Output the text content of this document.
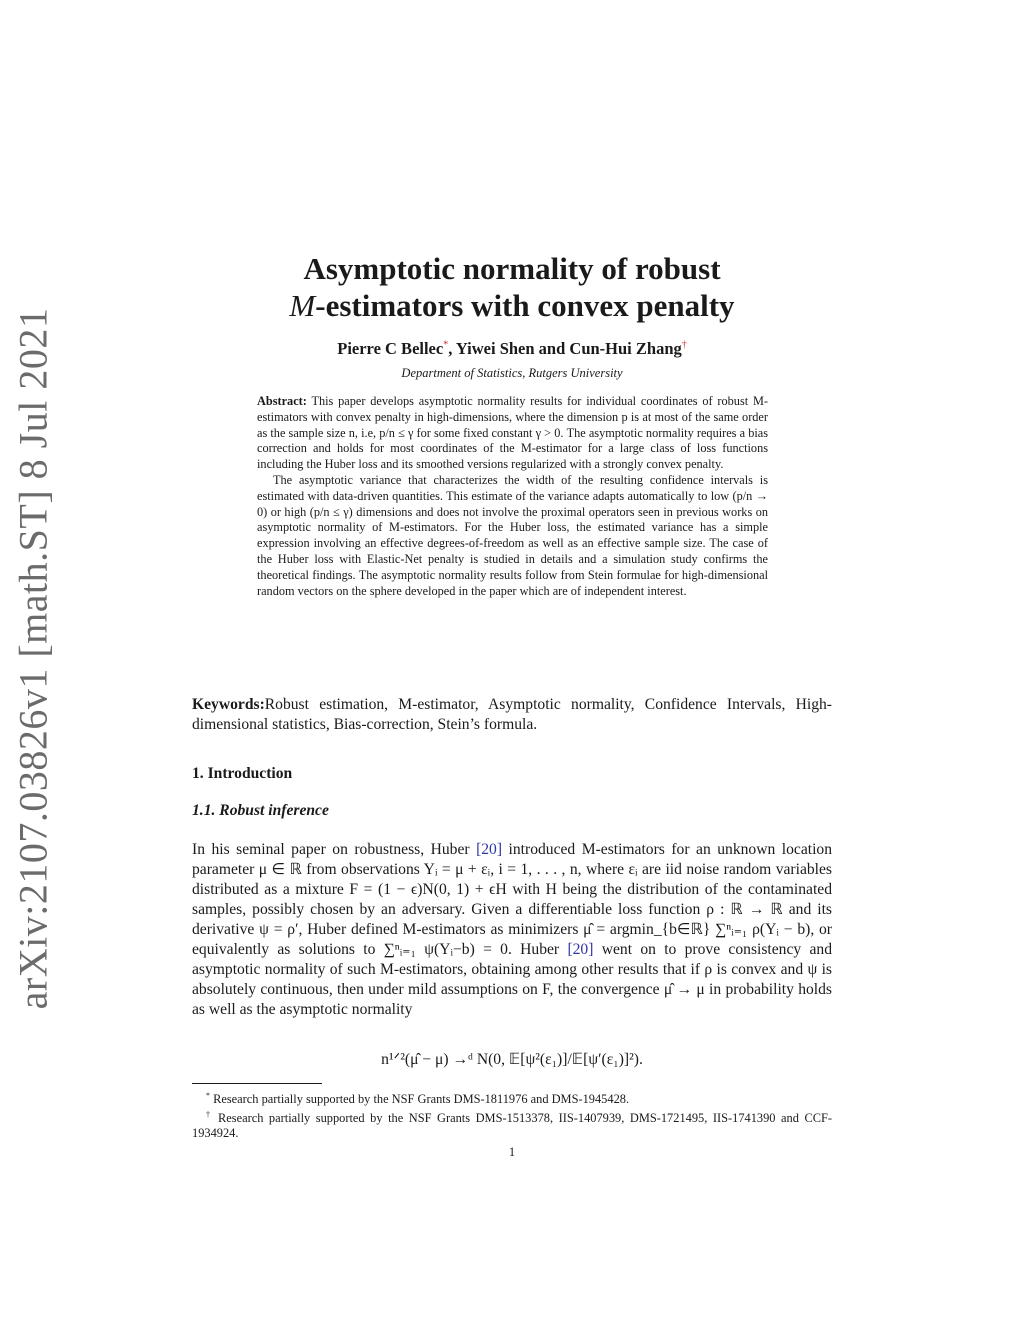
arXiv:2107.03826v1 [math.ST] 8 Jul 2021
Asymptotic normality of robust
M-estimators with convex penalty
Pierre C Bellec*, Yiwei Shen and Cun-Hui Zhang†
Department of Statistics, Rutgers University

Abstract: This paper develops asymptotic normality results for individual coordinates of robust M-estimators with convex penalty in high-dimensions, where the dimension p is at most of the same order as the sample size n, i.e, p/n ≤ γ for some fixed constant γ > 0. The asymptotic normality requires a bias correction and holds for most coordinates of the M-estimator for a large class of loss functions including the Huber loss and its smoothed versions regularized with a strongly convex penalty.

The asymptotic variance that characterizes the width of the resulting confidence intervals is estimated with data-driven quantities. This estimate of the variance adapts automatically to low (p/n → 0) or high (p/n ≤ γ) dimensions and does not involve the proximal operators seen in previous works on asymptotic normality of M-estimators. For the Huber loss, the estimated variance has a simple expression involving an effective degrees-of-freedom as well as an effective sample size. The case of the Huber loss with Elastic-Net penalty is studied in details and a simulation study confirms the theoretical findings. The asymptotic normality results follow from Stein formulae for high-dimensional random vectors on the sphere developed in the paper which are of independent interest.

Keywords:Robust estimation, M-estimator, Asymptotic normality, Confidence Intervals, High-dimensional statistics, Bias-correction, Stein’s formula.
1. Introduction
1.1. Robust inference

In his seminal paper on robustness, Huber [20] introduced M-estimators for an unknown location parameter μ ∈ ℝ from observations Yᵢ = μ + εᵢ, i = 1, . . . , n, where εᵢ are iid noise random variables distributed as a mixture F = (1 − ϵ)N(0, 1) + ϵH with H being the distribution of the contaminated samples, possibly chosen by an adversary. Given a differentiable loss function ρ : ℝ → ℝ and its derivative ψ = ρ′, Huber defined M-estimators as minimizers μ̂ = argmin_{b∈ℝ} ∑ⁿᵢ₌₁ ρ(Yᵢ − b), or equivalently as solutions to ∑ⁿᵢ₌₁ ψ(Yᵢ−b) = 0. Huber [20] went on to prove consistency and asymptotic normality of such M-estimators, obtaining among other results that if ρ is convex and ψ is absolutely continuous, then under mild assumptions on F, the convergence μ̂ → μ in probability holds as well as the asymptotic normality

n¹ᐟ²(μ̂ − μ) →ᵈ N(0, 𝔼[ψ²(ε₁)]/𝔼[ψ′(ε₁)]²).

* Research partially supported by the NSF Grants DMS-1811976 and DMS-1945428.

† Research partially supported by the NSF Grants DMS-1513378, IIS-1407939, DMS-1721495, IIS-1741390 and CCF-1934924.

1
